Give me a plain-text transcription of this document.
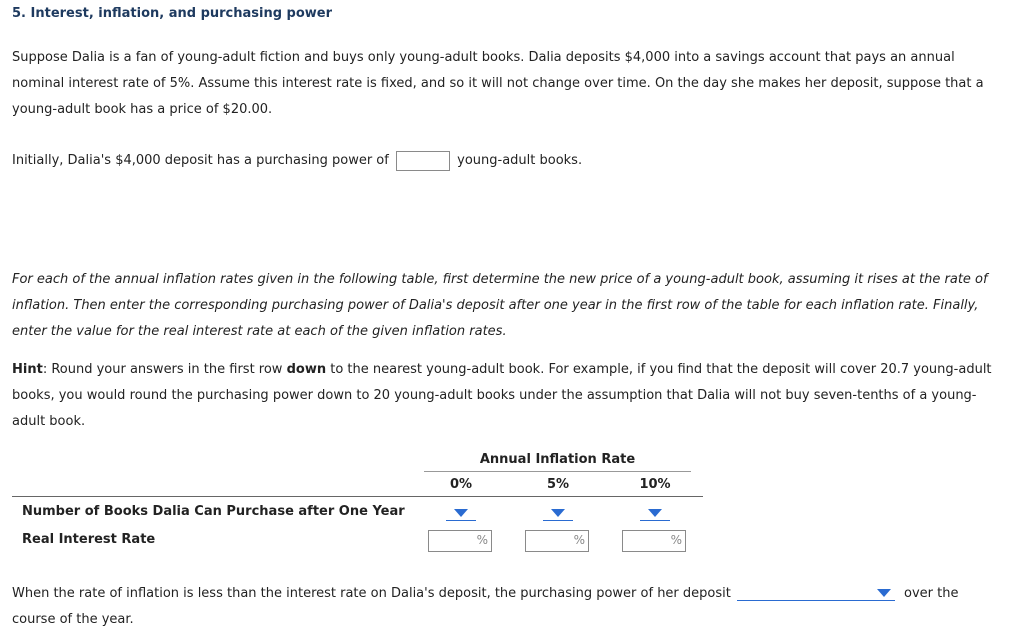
5. Interest, inflation, and purchasing power
Suppose Dalia is a fan of young-adult fiction and buys only young-adult books. Dalia deposits $4,000 into a savings account that pays an annual
nominal interest rate of 5%. Assume this interest rate is fixed, and so it will not change over time. On the day she makes her deposit, suppose that a
young-adult book has a price of $20.00.
Initially, Dalia's $4,000 deposit has a purchasing power of	young-adult books.
For each of the annual inflation rates given in the following table, first determine the new price of a young-adult book, assuming it rises at the rate of
inflation. Then enter the corresponding purchasing power of Dalia's deposit after one year in the first row of the table for each inflation rate. Finally,
enter the value for the real interest rate at each of the given inflation rates.
Hint: Round your answers in the first row down to the nearest young-adult book. For example, if you find that the deposit will cover 20.7 young-adult
books, you would round the purchasing power down to 20 young-adult books under the assumption that Dalia will not buy seven-tenths of a young-
adult book.
Annual Inflation Rate
0%	5%	10%
Number of Books Dalia Can Purchase after One Year
Real Interest Rate	%	%	%
When the rate of inflation is less than the interest rate on Dalia's deposit, the purchasing power of her deposit	over the
course of the year.
